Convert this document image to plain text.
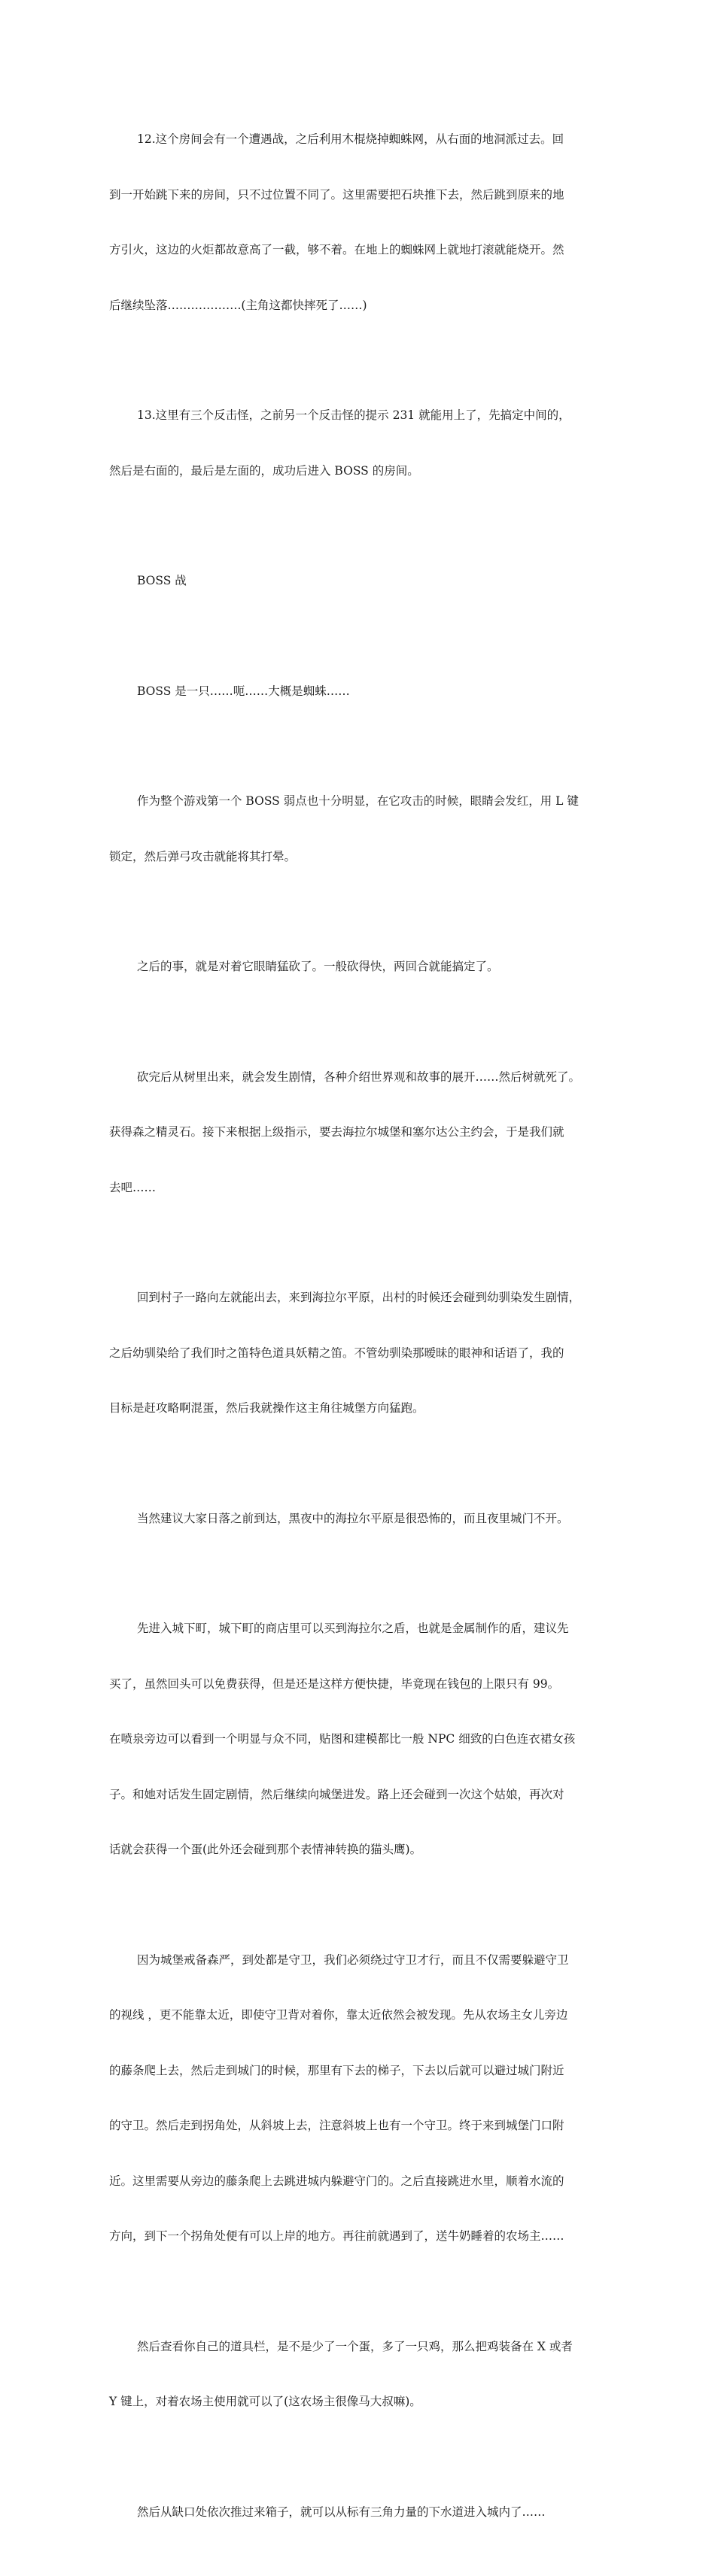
12.这个房间会有一个遭遇战，之后利用木棍烧掉蜘蛛网，从右面的地洞派过去。回

到一开始跳下来的房间，只不过位置不同了。这里需要把石块推下去，然后跳到原来的地

方引火，这边的火炬都故意高了一截，够不着。在地上的蜘蛛网上就地打滚就能烧开。然

后继续坠落……………….(主角这都快摔死了……)

13.这里有三个反击怪，之前另一个反击怪的提示 231 就能用上了，先搞定中间的，

然后是右面的，最后是左面的，成功后进入 BOSS 的房间。

BOSS 战

BOSS 是一只……呃……大概是蜘蛛……

作为整个游戏第一个 BOSS 弱点也十分明显，在它攻击的时候，眼睛会发红，用 L 键

锁定，然后弹弓攻击就能将其打晕。

之后的事，就是对着它眼睛猛砍了。一般砍得快，两回合就能搞定了。

砍完后从树里出来，就会发生剧情，各种介绍世界观和故事的展开……然后树就死了。

获得森之精灵石。接下来根据上级指示，要去海拉尔城堡和塞尔达公主约会，于是我们就

去吧……

回到村子一路向左就能出去，来到海拉尔平原，出村的时候还会碰到幼驯染发生剧情，

之后幼驯染给了我们时之笛特色道具妖精之笛。不管幼驯染那暧昧的眼神和话语了，我的

目标是赶攻略啊混蛋，然后我就操作这主角往城堡方向猛跑。

当然建议大家日落之前到达，黑夜中的海拉尔平原是很恐怖的，而且夜里城门不开。

先进入城下町，城下町的商店里可以买到海拉尔之盾，也就是金属制作的盾，建议先

买了，虽然回头可以免费获得，但是还是这样方便快捷，毕竟现在钱包的上限只有 99。

在喷泉旁边可以看到一个明显与众不同，贴图和建模都比一般 NPC 细致的白色连衣裙女孩

子。和她对话发生固定剧情，然后继续向城堡进发。路上还会碰到一次这个姑娘，再次对

话就会获得一个蛋(此外还会碰到那个表情神转换的猫头鹰)。

因为城堡戒备森严，到处都是守卫，我们必须绕过守卫才行，而且不仅需要躲避守卫

的视线 ，更不能靠太近，即使守卫背对着你，靠太近依然会被发现。先从农场主女儿旁边

的藤条爬上去，然后走到城门的时候，那里有下去的梯子，下去以后就可以避过城门附近

的守卫。然后走到拐角处，从斜坡上去，注意斜坡上也有一个守卫。终于来到城堡门口附

近。这里需要从旁边的藤条爬上去跳进城内躲避守门的。之后直接跳进水里，顺着水流的

方向，到下一个拐角处便有可以上岸的地方。再往前就遇到了，送牛奶睡着的农场主……

然后查看你自己的道具栏，是不是少了一个蛋，多了一只鸡，那么把鸡装备在 X 或者

Y 键上，对着农场主使用就可以了(这农场主很像马大叔嘛)。

然后从缺口处依次推过来箱子，就可以从标有三角力量的下水道进入城内了……
